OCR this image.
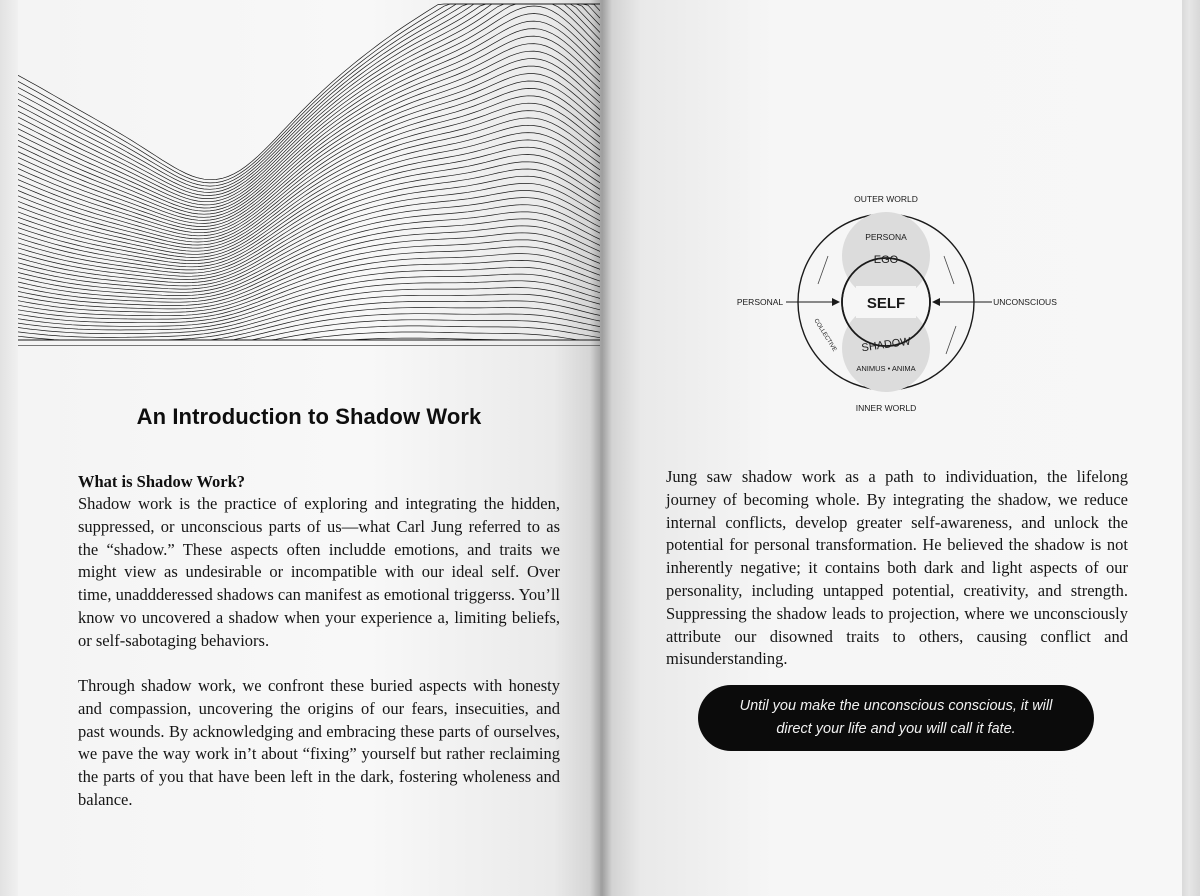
An Introduction to Shadow Work
What is Shadow Work?
Shadow work is the practice of exploring and integrating the hidden, suppressed, or unconscious parts of us—what Carl Jung referred to as the “shadow.” These aspects often includde emotions, and traits we might view as undesirable or incompatible with our ideal self. Over time, unaddderessed shadows can manifest as emotional triggerss. You’ll know vo uncovered a shadow when your experience a, limiting beliefs, or self-sabotaging behaviors.
Through shadow work, we confront these buried aspects with honesty and compassion, uncovering the origins of our fears, insecuities, and past wounds. By acknowledging and embracing these parts of ourselves, we pave the way work in’t about “fixing” yourself but rather reclaiming the parts of you that have been left in the dark, fostering wholeness and balance.
OUTER WORLD
PERSONA
EGO
SELF
SHADOW
ANIMUS • ANIMA
PERSONAL	UNCONSCIOUS
COLLECTIVE
INNER WORLD
Jung saw shadow work as a path to individuation, the lifelong journey of becoming whole. By integrating the shadow, we reduce internal conflicts, develop greater self-awareness, and unlock the potential for personal transformation. He believed the shadow is not inherently negative; it contains both dark and light aspects of our personality, including untapped potential, creativity, and strength. Suppressing the shadow leads to projection, where we unconsciously attribute our disowned traits to others, causing conflict and misunderstanding.
Until you make the unconscious conscious, it will direct your life and you will call it fate.
